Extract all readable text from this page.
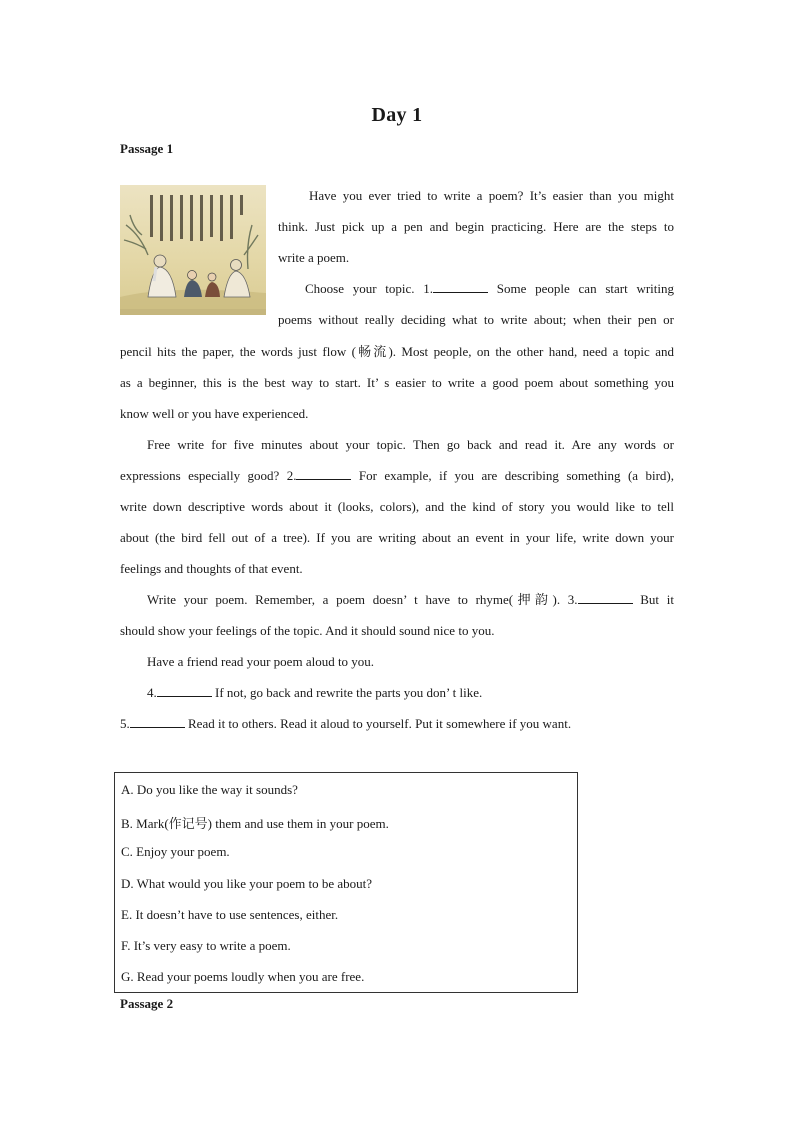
Day 1
Passage 1
Have you ever tried to write a poem? It’s easier than you might
think. Just pick up a pen and begin practicing. Here are the steps to
write a poem.
Choose your topic. 1.	Some people can start writing
poems without really deciding what to write about; when their pen or
pencil hits the paper, the words just flow (畅流). Most people, on the other hand, need a topic and
as a beginner, this is the best way to start. It’ s easier to write a good poem about something you
know well or you have experienced.
Free write for five minutes about your topic. Then go back and read it. Are any words or
expressions especially good? 2.	For example, if you are describing something (a bird),
write down descriptive words about it (looks, colors), and the kind of story you would like to tell
about (the bird fell out of a tree). If you are writing about an event in your life, write down your
feelings and thoughts of that event.
Write your poem. Remember, a poem doesn’ t have to rhyme(押韵). 3.	But it
should show your feelings of the topic. And it should sound nice to you.
Have a friend read your poem aloud to you.
4.	If not, go back and rewrite the parts you don’ t like.
5.	Read it to others. Read it aloud to yourself. Put it somewhere if you want.
A. Do you like the way it sounds?
B. Mark(作记号) them and use them in your poem.
C. Enjoy your poem.
D. What would you like your poem to be about?
E. It doesn’t have to use sentences, either.
F. It’s very easy to write a poem.
G. Read your poems loudly when you are free.
Passage 2
